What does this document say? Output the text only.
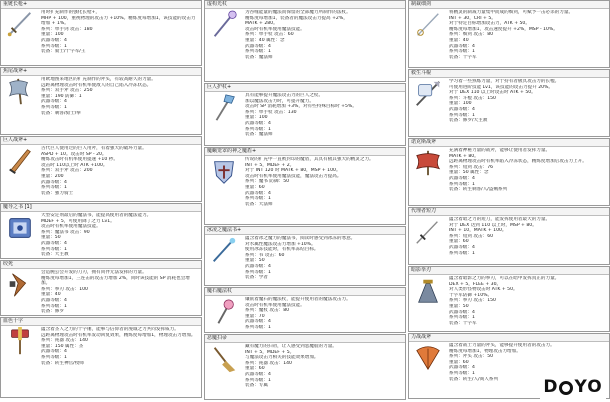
重链长枪+
用时扩充制作的强化长枪+，
MHP + 100，重视物理的攻击力 +10%。精炼度每增加1，该技能的攻击力
增加 + 1%。
系列：单手剑 攻击：180
重量：100
武器等级：4
系列等级：1
装备：骑士/十字军/王
焦尾战斧+
用欧地图来地区的扩充制作的斧头，有较高耐久的力量。
远距离物理攻击时有机率使敌人的自己陷入冷冻状态。
系列：双手斧 攻击：250
重量：190 防御：1
武器等级：4
系列等级：1
装备：刺客/骑士/拳
巨人战斧+
古代巨人使用过的巨人用斧，有着强大的破坏力量。
ASPD + 10。攻击时 SP - 20。
精炼攻击时有机率使用提速 +10 秒。
攻击时 110以上时 ATK +100。
系列：双手斧 攻击：200
重量：200
武器等级：4
系列等级：1
装备：强力骑士
魔导之书 [1]
大型安定剂最后的魔法书，能提高使用者的魔法能力。
MDEF + 5，可使用降了之力 Lv1。
攻击时有机率使用魔法技能。
系列：魔法书 攻击：90
重量：50
武器等级：4
系列等级：1
装备：大主教
绞死
会造腕公会开发的刀刃，拥有同伴无法发挥的力量。
精炼度每增加1，三连击的攻击力增加 2%，同时该技能的 SP 消耗也会增加。
系列：拳刃 攻击：100
重量：40
武器等级：4
系列等级：1
装备：修罗
血色十字
蕴含着圣人之力的十字锤，能够与信仰者的虔诚之力共同发挥威力。
远距离物理攻击时有机率发动回复效果，精炼度每增加1，物理攻击力增加。
系列：钝器 攻击：140
重量：150 属性：圣
武器等级：4
系列等级：1
装备：转生神官/牧师
虚构光杖
为吞噬能量的魔法而保留的全部魔力所制作的法杖。
精炼度每增加1，装备者的魔法攻击力提高 +2%，
MATK + 280。
攻击时有机率使用魔法技能。
系列：单手杖 攻击：60
重量：40 属性：念
武器等级：4
系列等级：1
装备：魔法师
巨人护杖+
具有能够提升魔法攻击力的巨人之杖。
加以魔法攻击力时，可提升魔力。
攻击时 SP 消耗增加 +3%，对有些特殊目标时 +5%。
系列：单手杖 攻击：130
重量：100
武器等级：4
系列等级：1
装备：魔法师
魔蛾笼罩的神之魔盾+
传说的扩充中一直被封印的魔盾，其具有极其强大的精灵之力。
INT + 5，MDEF + 2。
对于 INT 120 时 MATK + 80，MSP + 100。
攻击时有机率使用魔法技能，魔法攻击力提高。
系列：魔书 防御：50
重量：60
武器等级：4
系列等级：1
装备：大法师
冰凌之魔法书+
蕴含着冰之魔力的魔法书，阅读时感受到冰冻的寒意。
对水属性魔法攻击力增加 +10%。
使用冰冻技能时，有机率冻结目标。
系列：书 攻击：60
重量：50
武器等级：4
系列等级：1
装备：学者
魔石魔法杖
镶嵌着魔石的魔法杖，能提升使用者的魔法攻击力。
攻击时有机率使用魔法技能。
系列：魔杖 攻击：80
重量：70
武器等级：4
系列等级：1
恶魔扫帚
藏有魔力的扫帚，让人感受到恶魔般的力量。
INT + 5，MDEF + 5。
与魔法攻击力相关的技能效果增加。
系列：钝器 攻击：140
重量：60
武器等级：4
系列等级：1
装备：专属
制裁细剑
将精灵的制裁力量集中而成的细剑，可赋予一击必杀的力量。
INT + 30，CRI + 5。
对于特定目标增加攻击力，ATK + 50。
精炼度每增加1，攻击速度提升 +2%，MSP - 10%。
系列：细剑 攻击：80
重量：40
武器等级：4
系列等级：1
装备：十字军
救生斗棍
学习着一些熟练力量，对于持有者极具攻击力的长棍。
可使用进阶技能 Lv1，该技能的攻击力提升 20%。
对于 DEX 110 以上时攻击时 ATK + 50。
系列：斗棍 攻击：150
重量：100
武器等级：4
系列等级：1
装备：修罗/大主教
诺克斯战斧
充满着神秘力量的战斧，能够让使用者发挥力量。
MATK + 80。
远距离物理攻击时有机率陷入冷冻状态，精炼度增加后攻击力上升。
系列：短剑 攻击：76
重量：50 属性：念
武器等级：4
系列等级：1
装备：转生刺客/人/盗贼系列
代理者短刀
蕴含着暗之力的短刀，能发挥使用者最大的力量。
对于 DEX 达到 110 以上时，MSP + 80。
INT + 10，MATK + 100。
系列：短剑 攻击：60
重量：60
武器等级：4
系列等级：1
暗影拳刃
蕴含着暗影之力的拳刃，可以在暗中发挥真正的力量。
DEX + 5，FLEE + 30。
对人类形怪物攻击时 ATK + 50。
十字军防御 +10%。
系列：拳刃 攻击：150
重量：50
武器等级：4
系列等级：1
装备：十字军
力战战斧
蕴含着战士力量的斧头，能够提升使用者的攻击力。
精炼度每增加1，物理攻击力增加。
系列：斧头 攻击：50
重量：60
武器等级：4
系列等级：1
装备：转生/人/商人系列	D YO
